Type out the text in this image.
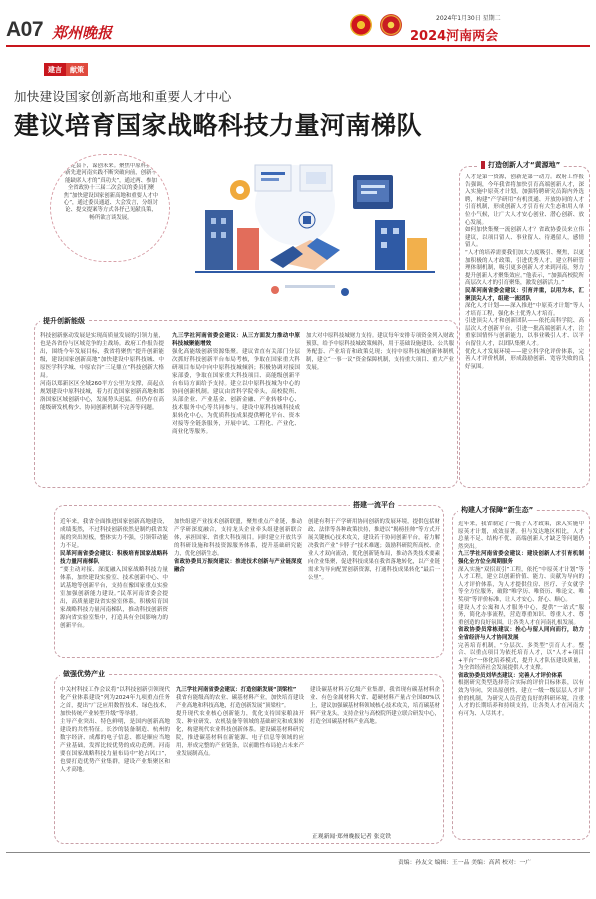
A07 郑州晚报
2024年1月30日 星期二
2024河南两会
建言	献策
加快建设国家创新高地和重要人才中心
建议培育国家战略科技力量河南梯队
主定县下，谋创未来。聚焦中原科技创新先进河南实践不断突破向前，创新不能缺席人才的“真功夫”，通过两、参加全省政协十三届二次会议的委员们聚焦“加快建设国家创新高地和重要人才中心”，通过委员通道、大会发言，分组讨论、提交提案等方式各抒己见献良策，畅所欲言谈发展。
提升创新能级
科技创新驱动发展是实现高质量发展的引领力量，也是各省份与区域竞争的主战场。政府工作报告提出，围绕今年发展目标，我省将聚焦“提升创新能级，建设国家创新高地”加快建设中原科技城、中原医学科学城、中原农谷“三足鼎立”科技创新大格局。
河南以郑新区区全域260平方公里为支撑，高起点规划建设中原科技城，着力打造国家创新高地和郑洛国家区域创新中心，发展势头迅猛。但仍存在高能级研发机构少、协同创新机制不完善等问题。
九三学社河南省委会建议：从三方面发力推动中原科技城聚能增效
强化高能级创新资源集聚。建议省直有关部门分层次抓好科技创新平台布局考核，争取在国家重大科研项目布局中向中原科技城倾斜；积极协调对接国家部委，争取在国家重大科技项目、高能级创新平台布局方面给予支持。建立以中原科技城为中心的协同创新机制。建议由省科学院牵头，高校院所、头部企业、产业基金、创新金融、产业转移中心、技术服务中心等共同参与，建设中原科技城科技成果转化中心，为优质科技成果提供孵化平台、资本对接等全链条服务，开展中试、工程化、产业化、商业化等服务。
加大对中原科技城财力支持。建议每年安排专项资金列入财政预算，给予中原科技城政策倾斜，用于基础设施建设、公共服务配套、产业培育和政策兑现；支持中原科技城创新体制机制，建立“一事一议”资金保障机制，支持重大项目、重大产业发展。
打造创新人才“黄源地”
人才是第一资源，创新是第一动力。政府工作报告强调，今年我省将加快引育高端创新人才，深入实施中原英才计划，加强特聘研究员海内外选聘，构建“产学研用”有机贯通、开放协同的人才引育机制，形成创新人才引育有大生态和用人单位小气候，让广大人才安心创业、潜心创新、放心发展。
如何加快集聚一流创新人才？省政协委员来立伟建议，以项目留人、事业留人、待遇留人，感情留人。
“人才的培养需要我们加大力度吸引、聚焦，以更加积极的人才政策，引进优秀人才，建立科研管理体制机制，吸引更多创新人才来到河南，努力提升创新人才聚集效应。”他表示，“加强高校院所高层次人才的引育聚集，激发创新活力。”
民革河南省委会建议：引育并重，以用为本，汇聚顶尖人才，组建一流团队
深化人才计划——深入推进“中原英才计划”等人才培育工程，强化本土优秀人才培育。
引进顶尖人才和创新团队——依托高科学院、高层次人才创新平台，引进一批高端创新人才，注重家国情怀与创新能力，以事业吸引人才、以平台留住人才，以团队集聚人才。
优化人才发展环境——建立科学化评价体系，完善人才评价机制，形成鼓励创新、宽容失败的良好氛围。
搭建一流平台
近年来，我省全面推进国家创新高地建设，成绩斐然，不过科技创新依然是制约我省发展的突出短板，整体实力不强，引领带动能力不足。
民革河南省委会建议：积极培育国家战略科技力量河南梯队
“要主动对接、深度融入国家战略科技力量体系，加快建设实验室、技术创新中心、中试基地等创新平台，支持在豫国家重点实验室加强创新能力建设。”民革河南省委会提出，高质量建设省实验室体系，积极培育国家战略科技力量河南梯队，推动科技创新资源向省实验室集中，打造具有全国影响力的创新平台。
加快组建产业技术创新联盟，聚焦重点产业链，推动产学研深度融合，支持龙头企业牵头组建创新联合体，承担国家、省重大科技项目。同时建立开放共享的科研设施和科技资源服务体系，提升基础研究能力，优化创新生态。
省政协委员万振岗建议：推进技术创新与产业链深度融合
创建有利于产学研用协同创新的发展环境，提供包括财政、法律等各种政策扶持，推进以“揭榜挂帅”等方式开展关键核心技术攻关，建设若干协同创新平台，着力解决我省产业“卡脖子”技术难题；鼓励科研院所高校、企业人才双向流动，优化创新链布局，推动各类技术要素向企业集聚，促进科技成果在我省落地转化，以产业链需求为导向配置创新资源，打通科技成果转化“最后一公里”。
构建人才保障“新生态”
近年来，我省制定了一揽子人才政策，深入实施中原英才计划，成效显著。但与发达地区相比，人才总量不足、结构不优、高端创新人才缺乏等问题仍然突出。
九三学社河南省委会建议：建设创新人才引育机制强化全方位全周期服务
深入实施“双招双引”工程，依托“中原英才计划”等人才工程，建立以创新价值、能力、贡献为导向的人才评价体系，为人才提供住房、医疗、子女就学等全方位服务，破除“唯学历、唯资历、唯论文、唯奖项”等评价标准，让人才安心、舒心、顺心。
建设人才公寓和人才服务中心，提供“一站式”服务，简化办事流程，营造尊重知识、尊重人才、尊重创造的良好氛围，让各类人才在河南扎根发展。
省政协委员常栋建议：拴心与留人同向而行，助力全省经济与人才协同发展
完善培育机制，“分层次、多类型”引育人才。整合、以重点项目为依托培育人才，以“人才+项目+平台”一体化培养模式，提升人才队伍建设质量，为全省经济社会发展提供人才支撑。
省政协委员刘华杰建议：完善人才评价体系
根据研究类型选择符合实际的评价目标体系，以有效为导向，突出原创性，建立一级一级层层人才评价的机制，为研究人员营造良好的科研环境，注重人才的长期培养和持续支持，让各类人才在河南大有可为、人尽其才。
做强优势产业
中关村科技工作会议将“以科技创新引领现代化产业体系建设”列为2024年九项重点任务之首，提出“广泛应用数智技术、绿色技术，加快传统产业转型升级”等举措。
主导产业突出、特色鲜明，是国内创新高地建设的共性特征。长沙的装备制造、杭州的数字经济、成都的电子信息、都是顺应当地产业基础，发挥比较优势的成功范例。河南要在国家战略科技力量布局中“抢占风口”，也要打造优势产业集群，建设产业集聚区和人才高地。
九三学社河南省委会建议：打造创新发展“顶梁柱”
我省有能级高的农业、碳基材料产业，加快培育建设产业高地和科技高地，打造创新发展“顶梁柱”。
提升现代农业核心创新能力，优化支持国家粮油开发、种业研发、农机装备等领域的基础研究和成果转化，构建现代农业科技创新体系。建设碳基材料研究院，推进碳基材料在新能源、电子信息等领域的应用，形成完整的产业链条，以前瞻性布局抢占未来产业发展制高点。
建设碳基材料万亿级产业集群，我省现有碳基材料企业、有色金属材料大省、超硬材料产量占全国80%以上，建议加强碳基材料领域核心技术攻关，培育碳基材料产业龙头，支持企业与高校院所建立联合研发中心，打造全国碳基材料产业高地。
正观新闻·郑州晚报记者 张竞铁
责编：孙友文 编辑：王一品 美编：高茜 校对：一广
